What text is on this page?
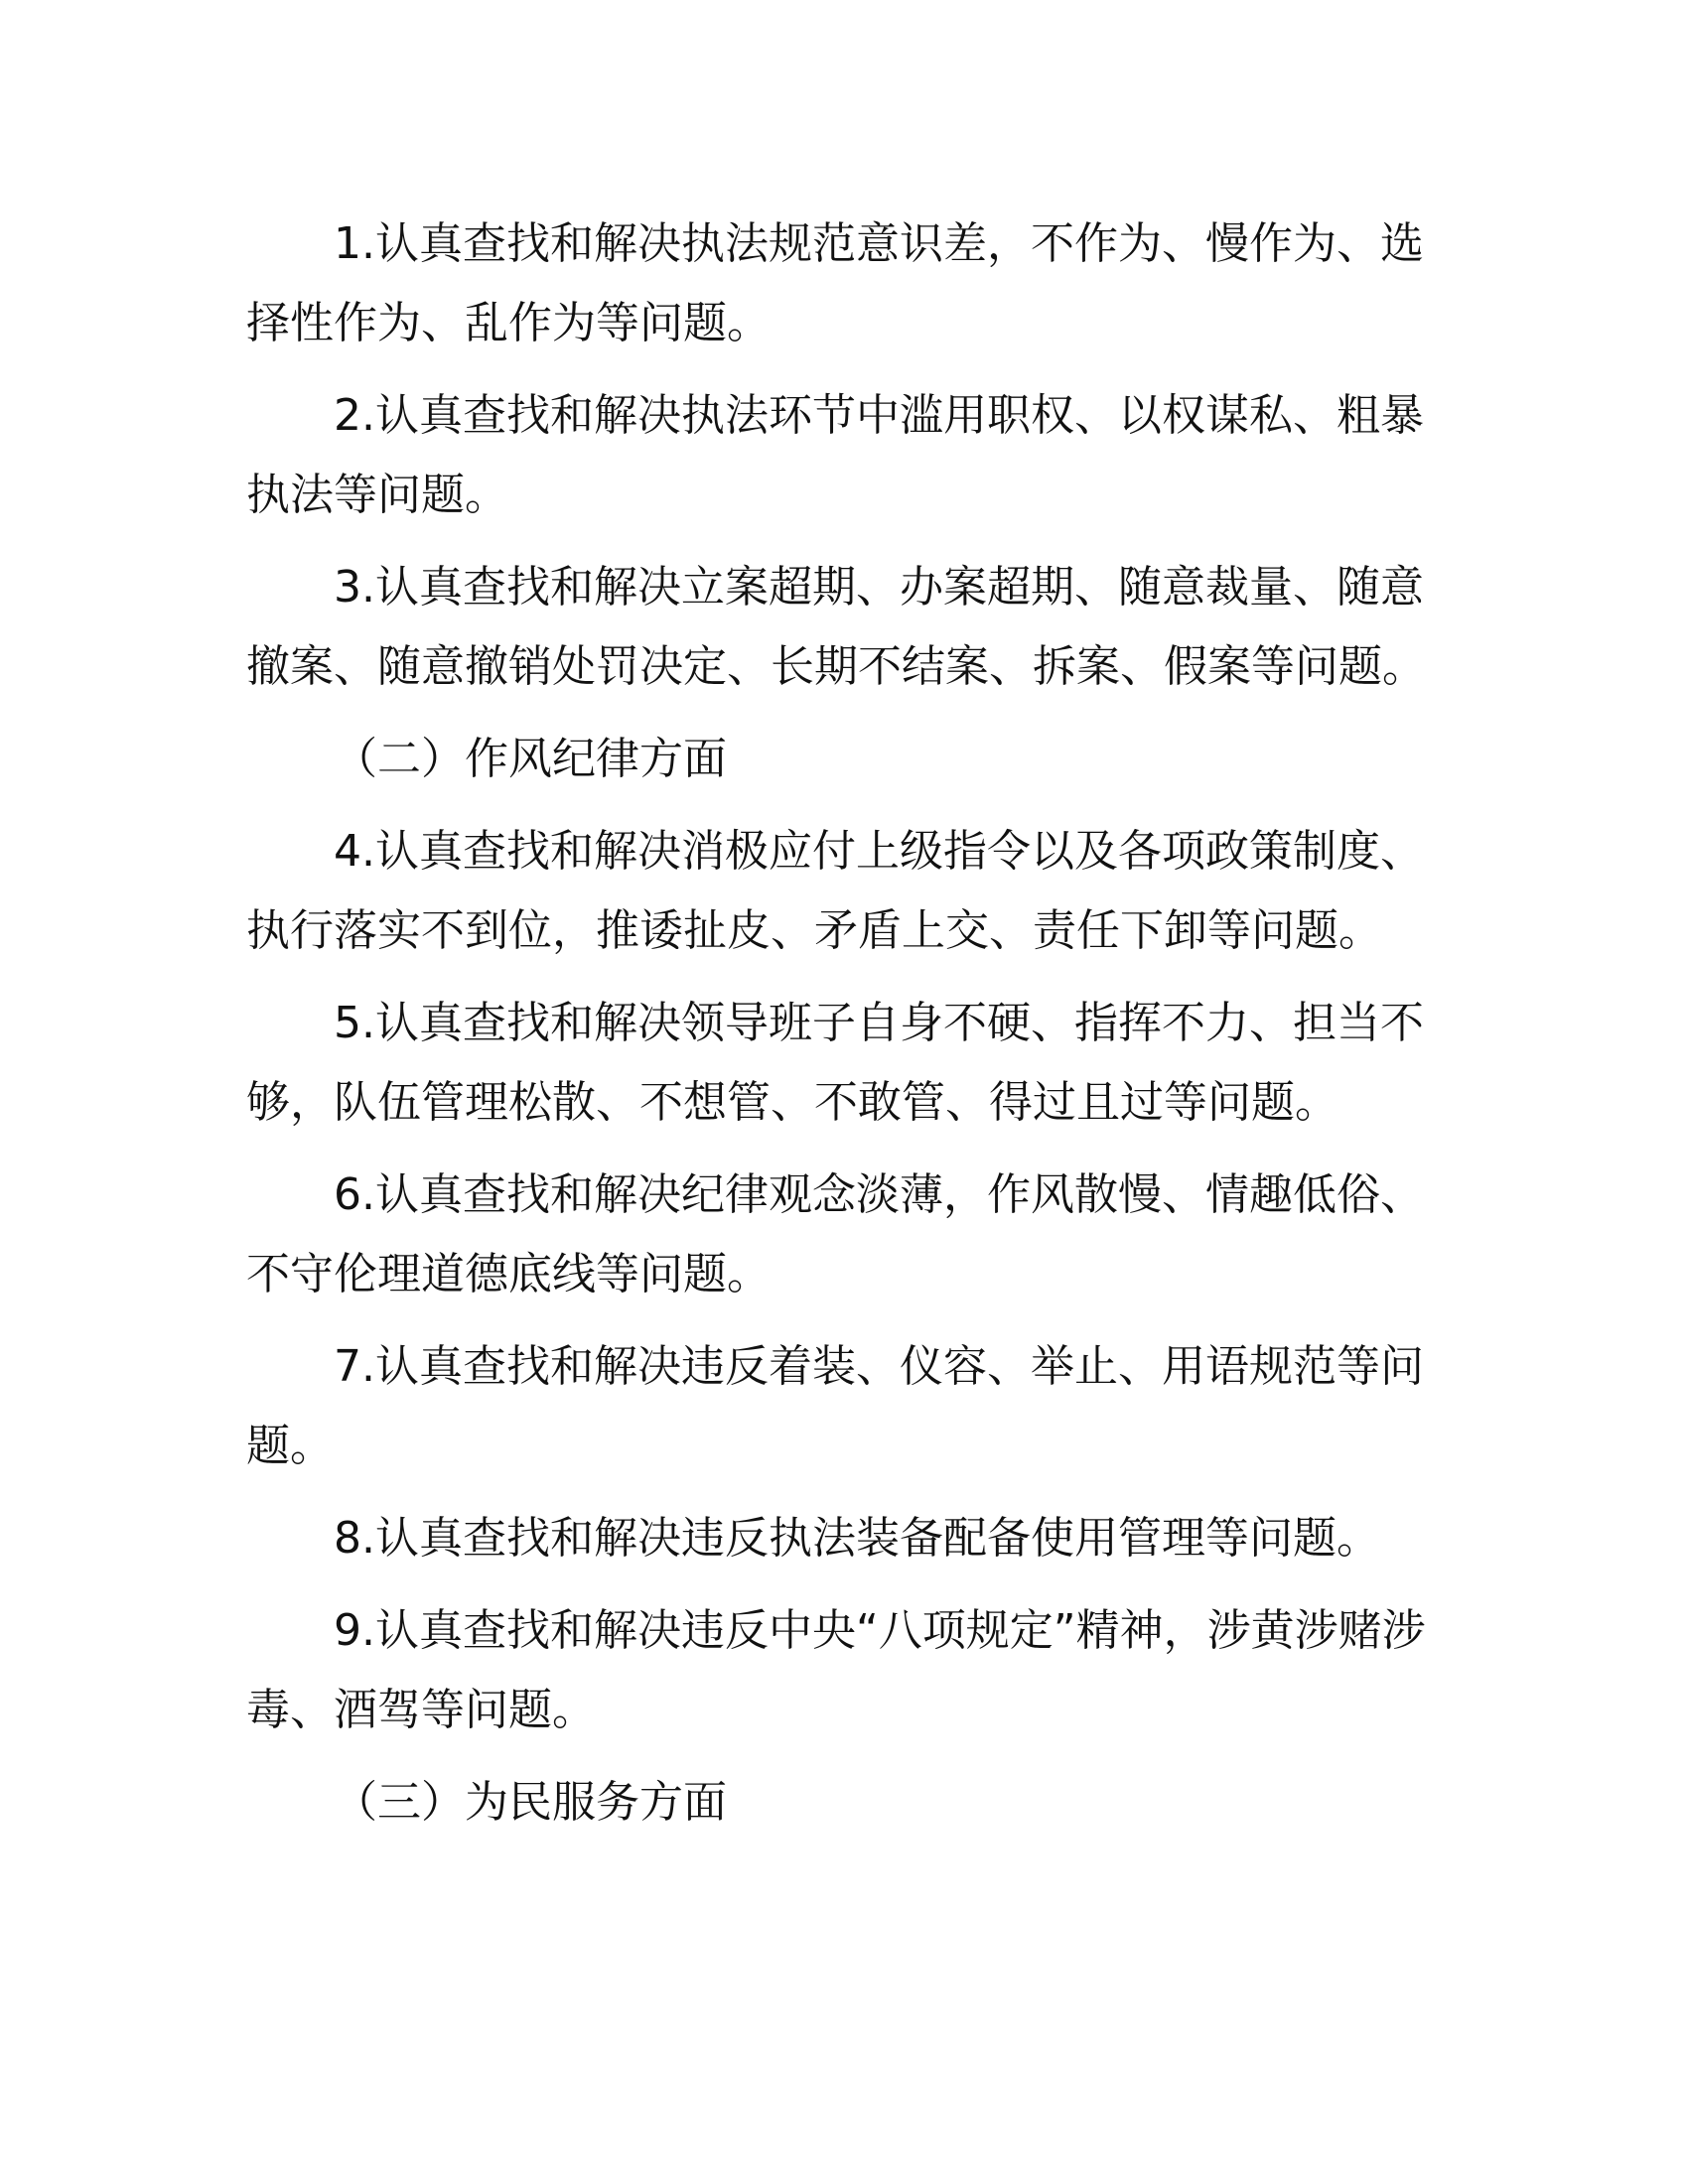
1.认真查找和解决执法规范意识差，不作为、慢作为、选择性作为、乱作为等问题。

2.认真查找和解决执法环节中滥用职权、以权谋私、粗暴执法等问题。

3.认真查找和解决立案超期、办案超期、随意裁量、随意撤案、随意撤销处罚决定、长期不结案、拆案、假案等问题。

（二）作风纪律方面

4.认真查找和解决消极应付上级指令以及各项政策制度、执行落实不到位，推诿扯皮、矛盾上交、责任下卸等问题。

5.认真查找和解决领导班子自身不硬、指挥不力、担当不够，队伍管理松散、不想管、不敢管、得过且过等问题。

6.认真查找和解决纪律观念淡薄，作风散慢、情趣低俗、不守伦理道德底线等问题。

7.认真查找和解决违反着装、仪容、举止、用语规范等问题。

8.认真查找和解决违反执法装备配备使用管理等问题。

9.认真查找和解决违反中央“八项规定”精神，涉黄涉赌涉毒、酒驾等问题。

（三）为民服务方面
